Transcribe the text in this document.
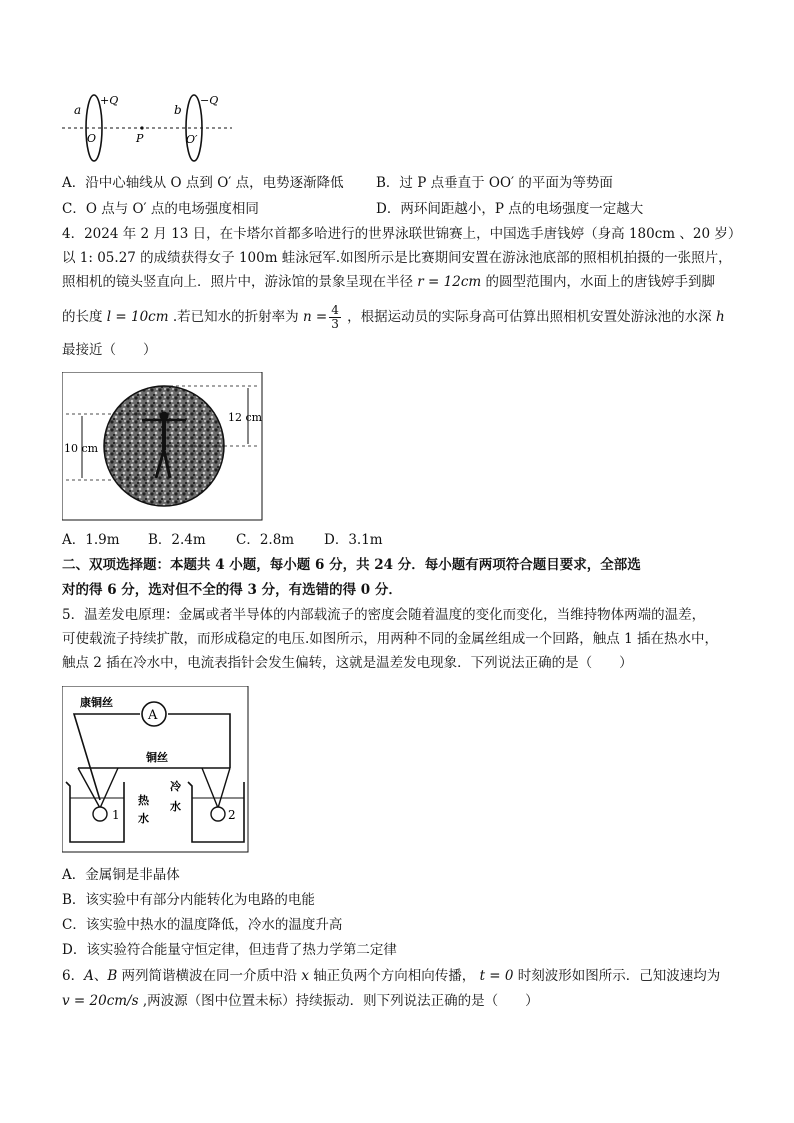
a
+Q
O	P
b
−Q
O′
A．沿中心轴线从 O 点到 O′ 点，电势逐渐降低 B．过 P 点垂直于 OO′ 的平面为等势面
C．O 点与 O′ 点的电场强度相同	D．两环间距越小，P 点的电场强度一定越大
4．2024 年 2 月 13 日，在卡塔尔首都多哈进行的世界泳联世锦赛上，中国选手唐钱婷（身高 180cm 、20 岁）
以 1: 05.27 的成绩获得女子 100m 蛙泳冠军.如图所示是比赛期间安置在游泳池底部的照相机拍摄的一张照片，
照相机的镜头竖直向上．照片中，游泳馆的景象呈现在半径 r = 12cm 的圆型范围内，水面上的唐钱婷手到脚
的长度 l = 10cm .若已知水的折射率为 $n = \frac{4}{3}$ ，根据运动员的实际身高可估算出照相机安置处游泳池的水深 h
最接近（　　）
12 cm
10 cm
A．1.9m B．2.4m C．2.8m D．3.1m
二、双项选择题：本题共 4 小题，每小题 6 分，共 24 分．每小题有两项符合题目要求，全部选
对的得 6 分，选对但不全的得 3 分，有选错的得 0 分．
5．温差发电原理：金属或者半导体的内部载流子的密度会随着温度的变化而变化，当维持物体两端的温差，
可使载流子持续扩散，而形成稳定的电压.如图所示，用两种不同的金属丝组成一个回路，触点 1 插在热水中，
触点 2 插在冷水中，电流表指针会发生偏转，这就是温差发电现象．下列说法正确的是（　　）
A
康铜丝
铜丝
1
热
水
冷
水
2
A．金属铜是非晶体
B．该实验中有部分内能转化为电路的电能
C．该实验中热水的温度降低，冷水的温度升高
D．该实验符合能量守恒定律，但违背了热力学第二定律
6．A、B 两列简谐横波在同一介质中沿 x 轴正负两个方向相向传播， t = 0 时刻波形如图所示．己知波速均为
v = 20cm/s ,两波源（图中位置未标）持续振动．则下列说法正确的是（　　）
